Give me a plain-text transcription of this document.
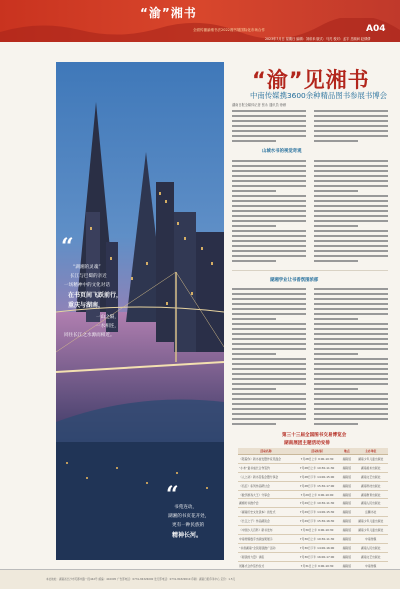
“渝”湘书
全面传播渝湘书法2022湘书展国际化市场合作	A04
2023年7月日 星期日 编辑：刘帝米 版式：马芃 校对：孟宇 总顾问 赵倩倩
“
“湖湘的灵魂”
长江与巴蜀的亲近
一场精神中的文化对话
在书页间飞跃前行，
重庆与湖南，
一山之隔，
一水相连，
同住长江之水源而相近。
“
书苑连动，
湖湘的书页花开处，
更有一种民族的
精神长河。
“渝”见湘书
中南传媒携3600余种精品图书参展书博会
湖南日报全媒体记者 张永 通讯员 徐雁
山城水书的视觉奇观
湖湘学业让书香氛围浓郁
第三十三届全国图书交易博览会
湖南展团主题活动安排
活动名称	活动时间	地点	主办单位
《陪着你》新书首发暨作家见面会	7月28日上午 9:00-10:30	湖南馆	湖南少年儿童出版社
“小布”童书成长合作签约	7月28日上午 10:30-11:30	湖南馆	湖南美术出版社
《人之初》新书签售会暨分享会	7月28日下午 14:00-15:00	湖南馆	湖南文艺出版社
《名匠》系列作品研讨会	7月28日下午 15:30-17:00	湖南馆	湖南科技出版社
《数学游戏大王》分享会	7月29日上午 9:00-10:00	湖南馆	湖南教育出版社
湖湘好书推介会	7月29日上午 10:30-11:30	湖南馆	湖南人民出版社
《湖南历史文化读本》首发式	7月29日下午 14:00-15:30	湖南馆	岳麓书社
《长江之子》作品朗读会	7月29日下午 15:30-16:30	湖南馆	湖南少年儿童出版社
《中国少儿百科》新书发布	7月30日上午 9:00-10:30	湖南馆	湖南少年儿童出版社
中南传媒数字出版成果展示	7月30日上午 10:30-11:30	湖南馆	中南传媒
“书香湖南”全民阅读推广活动	7月30日下午 14:00-16:00	湖南馆	湖南人民出版社
《阅读的力量》讲座	7月30日下午 16:00-17:00	湖南馆	湖南文艺出版社
闭幕式合作签约仪式	7月31日上午 9:00-10:30	湖南馆	中南传媒
本社地址：湖南省长沙市芙蓉中路一段442号 邮编：410005 广告部电话：0731-84326000 发行部电话：0731-84329010 印刷：湖南日报印务中心 定价：1.5元
